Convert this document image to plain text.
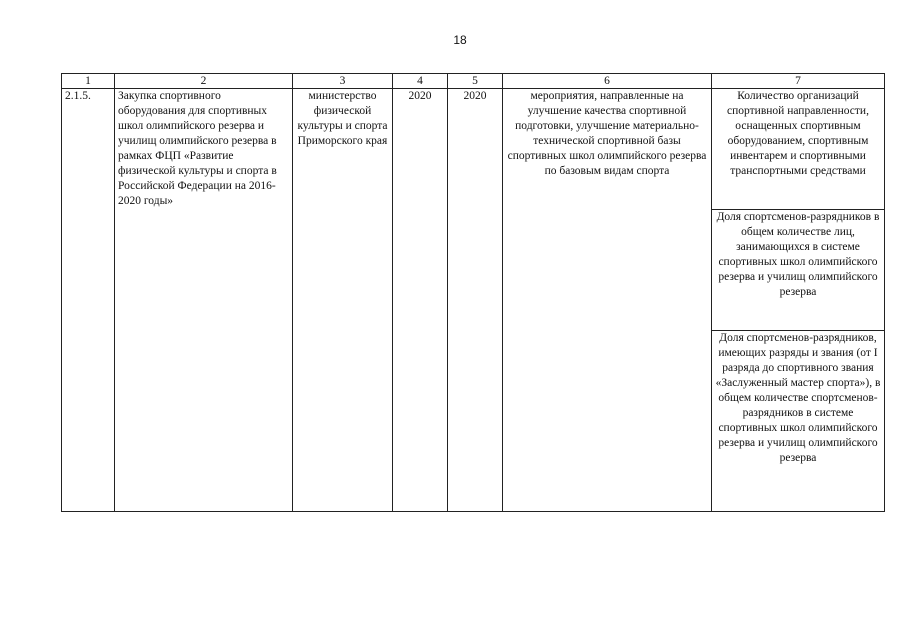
18
1	2	3	4	5	6	7
2.1.5.	Закупка спортивного оборудования для спортивных школ олимпийского резерва и училищ олимпийского резерва в рамках ФЦП «Развитие физической культуры и спорта в Российской Федерации на 2016-2020 годы»	министерство физической культуры и спорта Приморского края	2020	2020	мероприятия, направленные на улучшение качества спортивной подготовки, улучшение материально-технической спортивной базы спортивных школ олимпийского резерва по базовым видам спорта	Количество организаций спортивной направленности, оснащенных спортивным оборудованием, спортивным инвентарем и спортивными транспортными средствами
						Доля спортсменов-разрядников в общем количестве лиц, занимающихся в системе спортивных школ олимпийского резерва и училищ олимпийского резерва
						Доля спортсменов-разрядников, имеющих разряды и звания (от I разряда до спортивного звания «Заслуженный мастер спорта»), в общем количестве спортсменов-разрядников в системе спортивных школ олимпийского резерва и училищ олимпийского резерва
